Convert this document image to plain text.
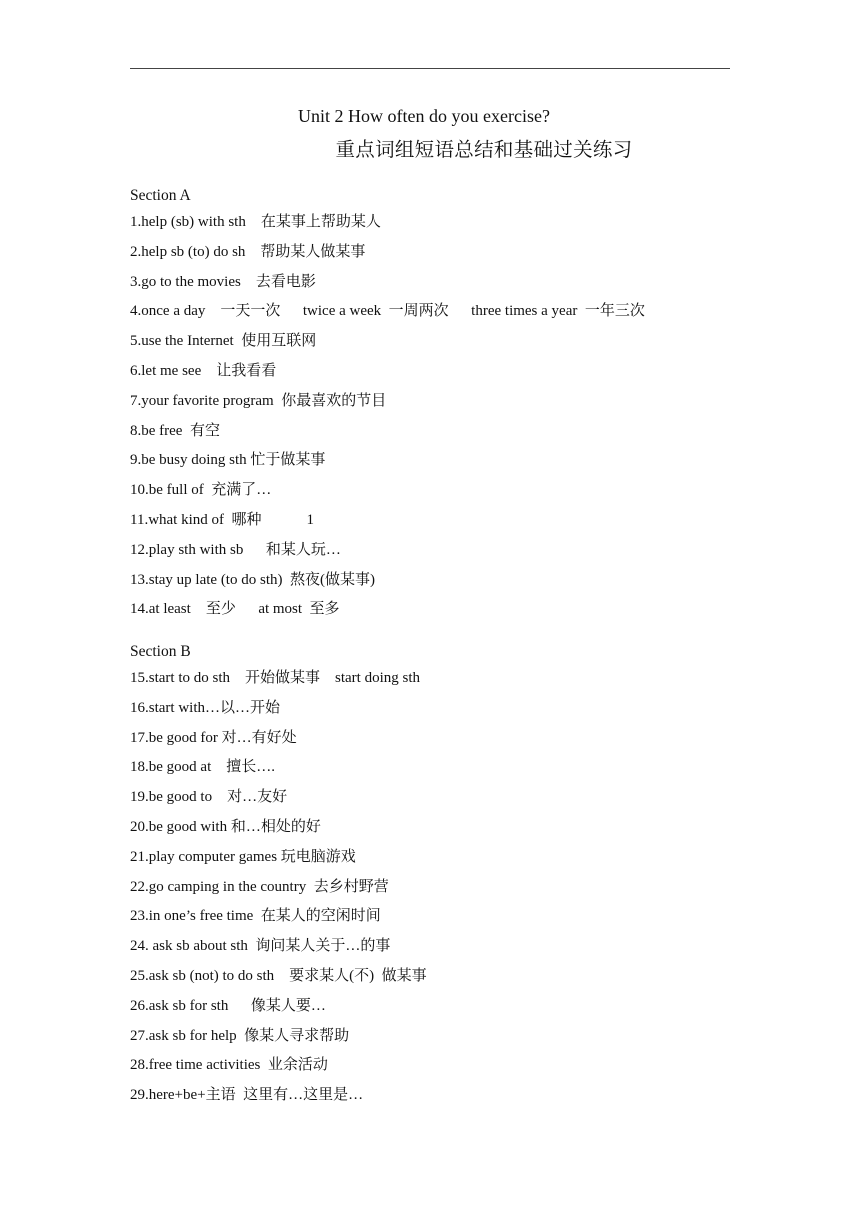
Unit 2 How often do you exercise?
重点词组短语总结和基础过关练习
Section A
1.help (sb) with sth    在某事上帮助某人
2.help sb (to) do sh    帮助某人做某事
3.go to the movies    去看电影
4.once a day    一天一次      twice a week  一周两次      three times a year  一年三次
5.use the Internet  使用互联网
6.let me see    让我看看
7.your favorite program  你最喜欢的节目
8.be free  有空
9.be busy doing sth 忙于做某事
10.be full of  充满了…
11.what kind of  哪种            1
12.play sth with sb      和某人玩…
13.stay up late (to do sth)  熬夜(做某事)
14.at least    至少      at most  至多
Section B
15.start to do sth    开始做某事    start doing sth
16.start with…以…开始
17.be good for 对…有好处
18.be good at    擅长….
19.be good to    对…友好
20.be good with 和…相处的好
21.play computer games 玩电脑游戏
22.go camping in the country  去乡村野营
23.in one’s free time  在某人的空闲时间
24. ask sb about sth  询问某人关于…的事
25.ask sb (not) to do sth    要求某人(不)  做某事
26.ask sb for sth      像某人要…
27.ask sb for help  像某人寻求帮助
28.free time activities  业余活动
29.here+be+主语  这里有…这里是…
